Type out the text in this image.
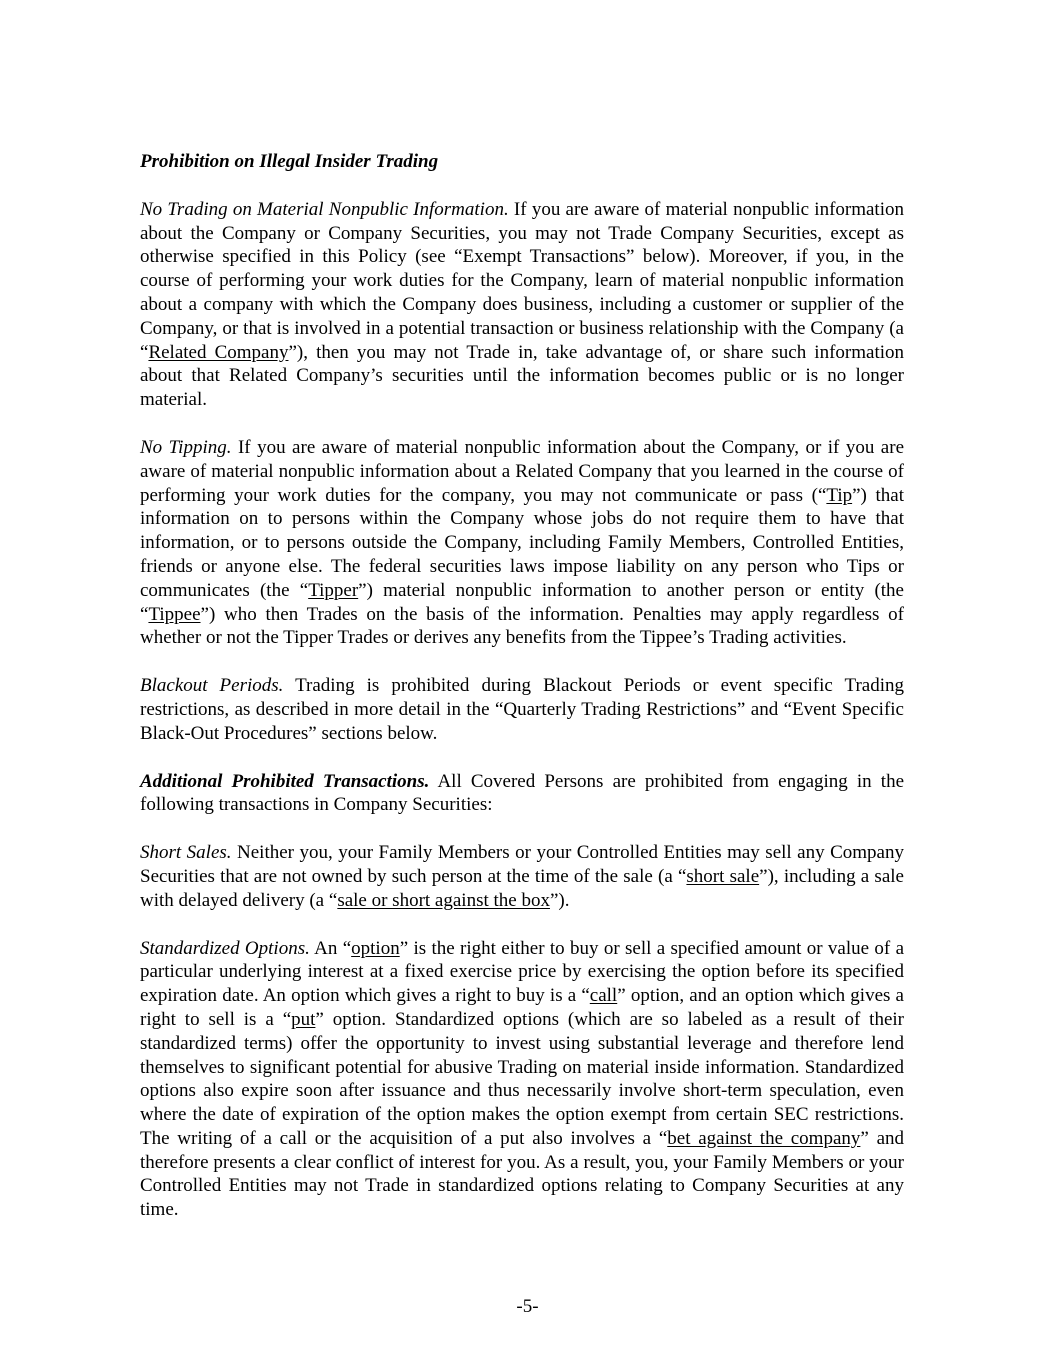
Prohibition on Illegal Insider Trading

No Trading on Material Nonpublic Information. If you are aware of material nonpublic information about the Company or Company Securities, you may not Trade Company Securities, except as otherwise specified in this Policy (see “Exempt Transactions” below). Moreover, if you, in the course of performing your work duties for the Company, learn of material nonpublic information about a company with which the Company does business, including a customer or supplier of the Company, or that is involved in a potential transaction or business relationship with the Company (a “Related Company”), then you may not Trade in, take advantage of, or share such information about that Related Company’s securities until the information becomes public or is no longer material.

No Tipping. If you are aware of material nonpublic information about the Company, or if you are aware of material nonpublic information about a Related Company that you learned in the course of performing your work duties for the company, you may not communicate or pass (“Tip”) that information on to persons within the Company whose jobs do not require them to have that information, or to persons outside the Company, including Family Members, Controlled Entities, friends or anyone else. The federal securities laws impose liability on any person who Tips or communicates (the “Tipper”) material nonpublic information to another person or entity (the “Tippee”) who then Trades on the basis of the information. Penalties may apply regardless of whether or not the Tipper Trades or derives any benefits from the Tippee’s Trading activities.

Blackout Periods. Trading is prohibited during Blackout Periods or event specific Trading restrictions, as described in more detail in the “Quarterly Trading Restrictions” and “Event Specific Black-Out Procedures” sections below.

Additional Prohibited Transactions. All Covered Persons are prohibited from engaging in the following transactions in Company Securities:

Short Sales. Neither you, your Family Members or your Controlled Entities may sell any Company Securities that are not owned by such person at the time of the sale (a “short sale”), including a sale with delayed delivery (a “sale or short against the box”).

Standardized Options. An “option” is the right either to buy or sell a specified amount or value of a particular underlying interest at a fixed exercise price by exercising the option before its specified expiration date. An option which gives a right to buy is a “call” option, and an option which gives a right to sell is a “put” option. Standardized options (which are so labeled as a result of their standardized terms) offer the opportunity to invest using substantial leverage and therefore lend themselves to significant potential for abusive Trading on material inside information. Standardized options also expire soon after issuance and thus necessarily involve short-term speculation, even where the date of expiration of the option makes the option exempt from certain SEC restrictions. The writing of a call or the acquisition of a put also involves a “bet against the company” and therefore presents a clear conflict of interest for you. As a result, you, your Family Members or your Controlled Entities may not Trade in standardized options relating to Company Securities at any time.

-5-
